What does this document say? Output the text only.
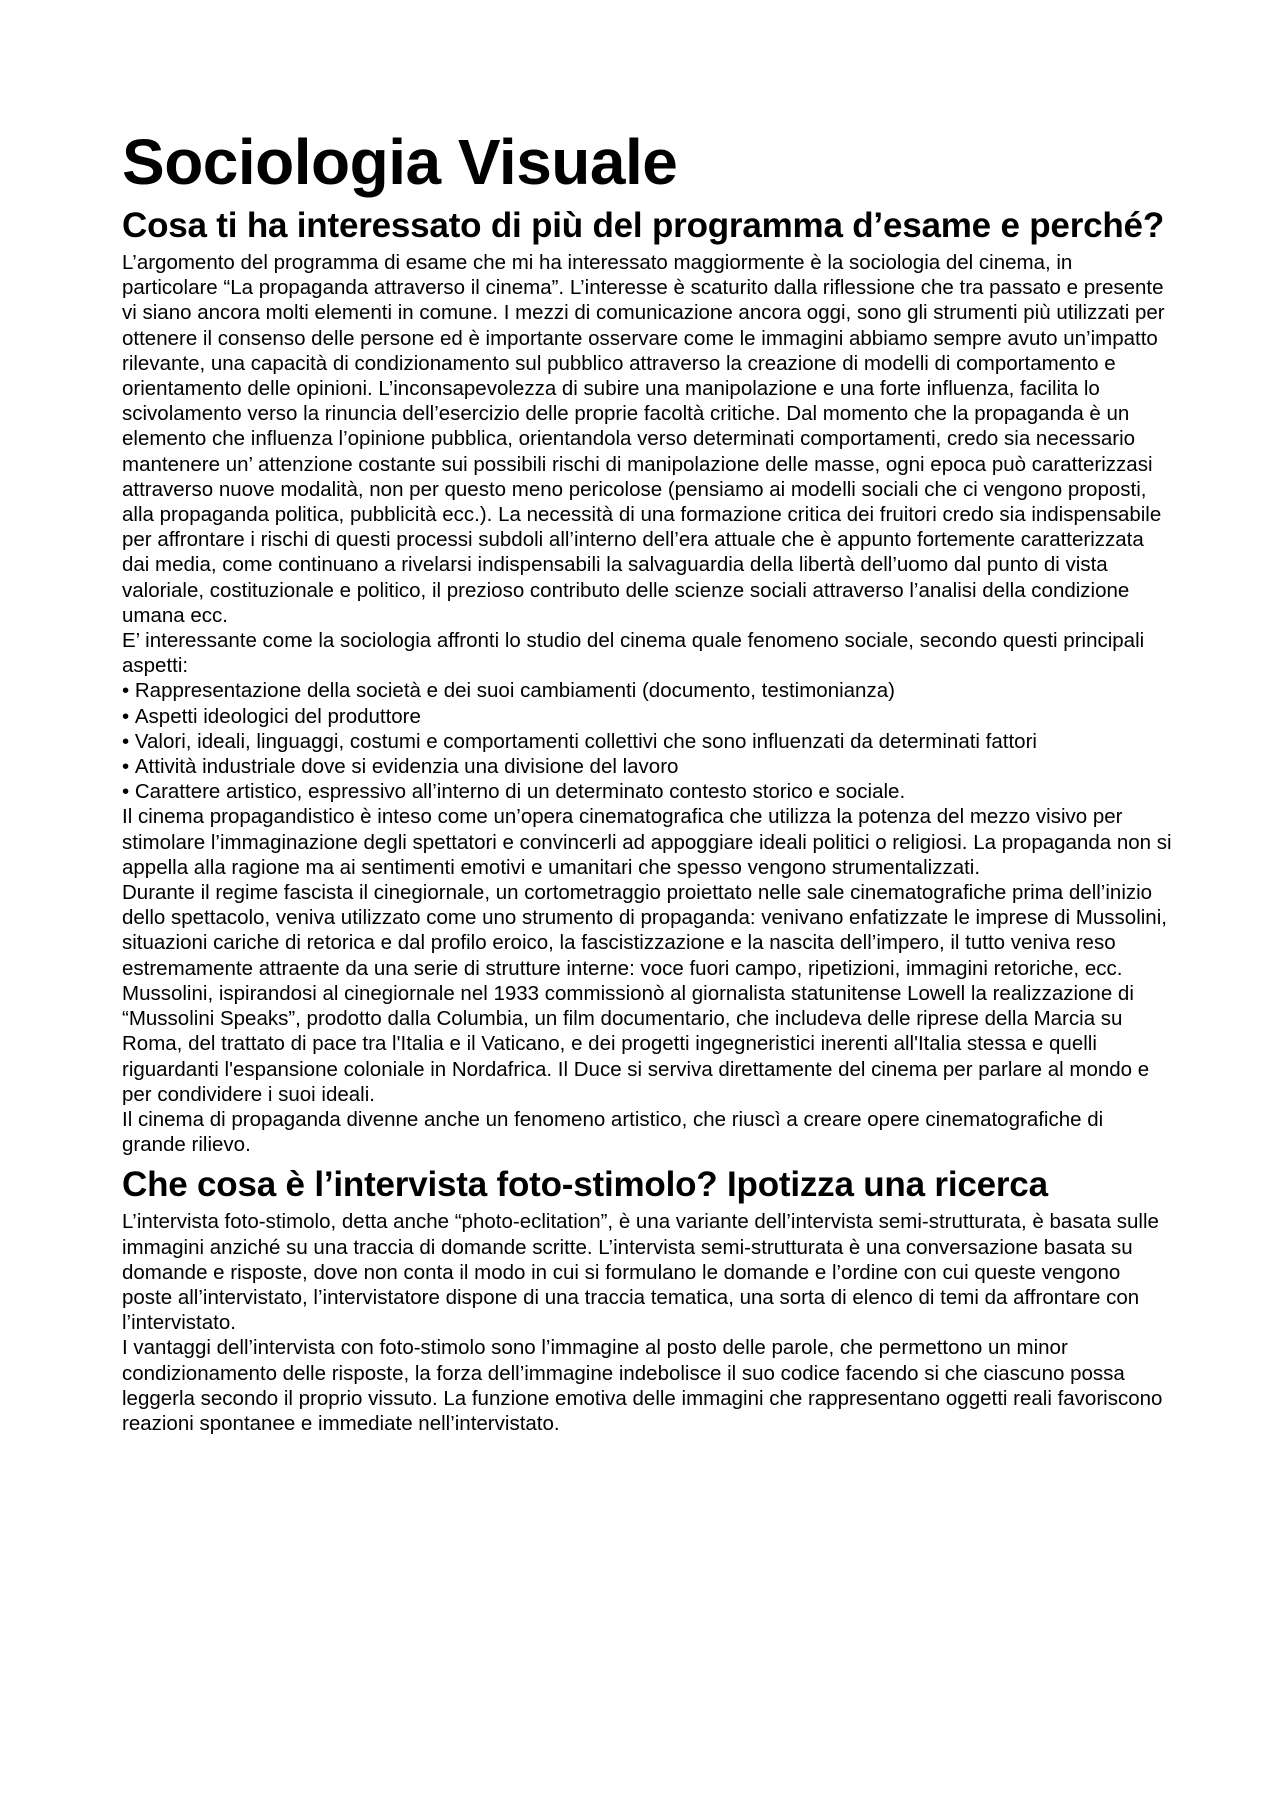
Sociologia Visuale
Cosa ti ha interessato di più del programma d’esame e perché?

L’argomento del programma di esame che mi ha interessato maggiormente è la sociologia del cinema, in particolare “La propaganda attraverso il cinema”. L’interesse è scaturito dalla riflessione che tra passato e presente vi siano ancora molti elementi in comune. I mezzi di comunicazione ancora oggi, sono gli strumenti più utilizzati per ottenere il consenso delle persone ed è importante osservare come le immagini abbiamo sempre avuto un’impatto rilevante, una capacità di condizionamento sul pubblico attraverso la creazione di modelli di comportamento e orientamento delle opinioni. L’inconsapevolezza di subire una manipolazione e una forte influenza, facilita lo scivolamento verso la rinuncia dell’esercizio delle proprie facoltà critiche. Dal momento che la propaganda è un elemento che influenza l’opinione pubblica, orientandola verso determinati comportamenti, credo sia necessario mantenere un’ attenzione costante sui possibili rischi di manipolazione delle masse, ogni epoca può caratterizzasi attraverso nuove modalità, non per questo meno pericolose (pensiamo ai modelli sociali che ci vengono proposti, alla propaganda politica, pubblicità ecc.). La necessità di una formazione critica dei fruitori credo sia indispensabile per affrontare i rischi di questi processi subdoli all’interno dell’era attuale che è appunto fortemente caratterizzata dai media, come continuano a rivelarsi indispensabili la salvaguardia della libertà dell’uomo dal punto di vista valoriale, costituzionale e politico, il prezioso contributo delle scienze sociali attraverso l’analisi della condizione umana ecc.

E’ interessante come la sociologia affronti lo studio del cinema quale fenomeno sociale, secondo questi principali aspetti:

• Rappresentazione della società e dei suoi cambiamenti (documento, testimonianza)
• Aspetti ideologici del produttore
• Valori, ideali, linguaggi, costumi e comportamenti collettivi che sono influenzati da determinati fattori
• Attività industriale dove si evidenzia una divisione del lavoro
• Carattere artistico, espressivo all’interno di un determinato contesto storico e sociale.

Il cinema propagandistico è inteso come un’opera cinematografica che utilizza la potenza del mezzo visivo per stimolare l’immaginazione degli spettatori e convincerli ad appoggiare ideali politici o religiosi. La propaganda non si appella alla ragione ma ai sentimenti emotivi e umanitari che spesso vengono strumentalizzati.

Durante il regime fascista il cinegiornale, un cortometraggio proiettato nelle sale cinematografiche prima dell’inizio dello spettacolo, veniva utilizzato come uno strumento di propaganda: venivano enfatizzate le imprese di Mussolini, situazioni cariche di retorica e dal profilo eroico, la fascistizzazione e la nascita dell’impero, il tutto veniva reso estremamente attraente da una serie di strutture interne: voce fuori campo, ripetizioni, immagini retoriche, ecc. Mussolini, ispirandosi al cinegiornale nel 1933 commissionò al giornalista statunitense Lowell la realizzazione di “Mussolini Speaks”, prodotto dalla Columbia, un film documentario, che includeva delle riprese della Marcia su Roma, del trattato di pace tra l'Italia e il Vaticano, e dei progetti ingegneristici inerenti all'Italia stessa e quelli riguardanti l'espansione coloniale in Nordafrica. Il Duce si serviva direttamente del cinema per parlare al mondo e per condividere i suoi ideali.

Il cinema di propaganda divenne anche un fenomeno artistico, che riuscì a creare opere cinematografiche di grande rilievo.

Che cosa è l’intervista foto-stimolo? Ipotizza una ricerca

L’intervista foto-stimolo, detta anche “photo-eclitation”, è una variante dell’intervista semi-strutturata, è basata sulle immagini anziché su una traccia di domande scritte. L’intervista semi-strutturata è una conversazione basata su domande e risposte, dove non conta il modo in cui si formulano le domande e l’ordine con cui queste vengono poste all’intervistato, l’intervistatore dispone di una traccia tematica, una sorta di elenco di temi da affrontare con l’intervistato.

I vantaggi dell’intervista con foto-stimolo sono l’immagine al posto delle parole, che permettono un minor condizionamento delle risposte, la forza dell’immagine indebolisce il suo codice facendo si che ciascuno possa leggerla secondo il proprio vissuto. La funzione emotiva delle immagini che rappresentano oggetti reali favoriscono reazioni spontanee e immediate nell’intervistato.
